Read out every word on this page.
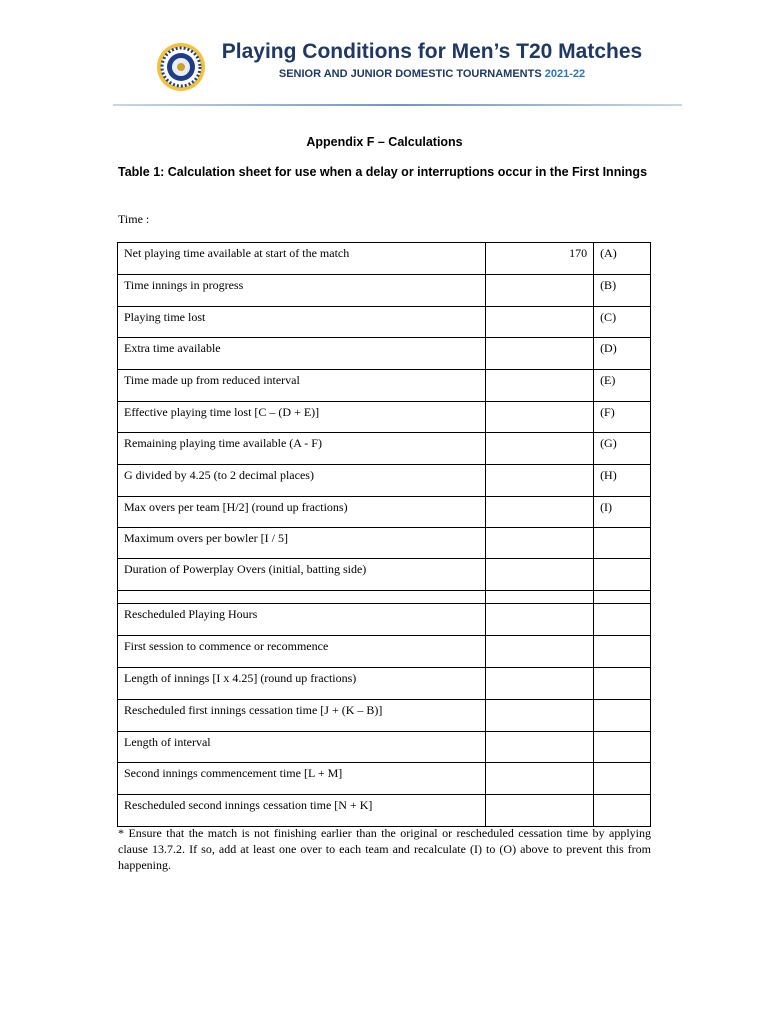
Playing Conditions for Men’s T20 Matches
SENIOR AND JUNIOR DOMESTIC TOURNAMENTS 2021-22
Appendix F – Calculations
Table 1: Calculation sheet for use when a delay or interruptions occur in the First Innings
Time :
Net playing time available at start of the match	170	(A)
Time innings in progress		(B)
Playing time lost		(C)
Extra time available		(D)
Time made up from reduced interval		(E)
Effective playing time lost [C – (D + E)]		(F)
Remaining playing time available (A - F)		(G)
G divided by 4.25 (to 2 decimal places)		(H)
Max overs per team [H/2] (round up fractions)		(I)
Maximum overs per bowler [I / 5]		
Duration of Powerplay Overs (initial, batting side)		

Rescheduled Playing Hours		
First session to commence or recommence		
Length of innings [I x 4.25] (round up fractions)		
Rescheduled first innings cessation time [J + (K – B)]		
Length of interval		
Second innings commencement time [L + M]		
Rescheduled second innings cessation time [N + K]		
* Ensure that the match is not finishing earlier than the original or rescheduled cessation time by applying clause 13.7.2. If so, add at least one over to each team and recalculate (I) to (O) above to prevent this from happening.
